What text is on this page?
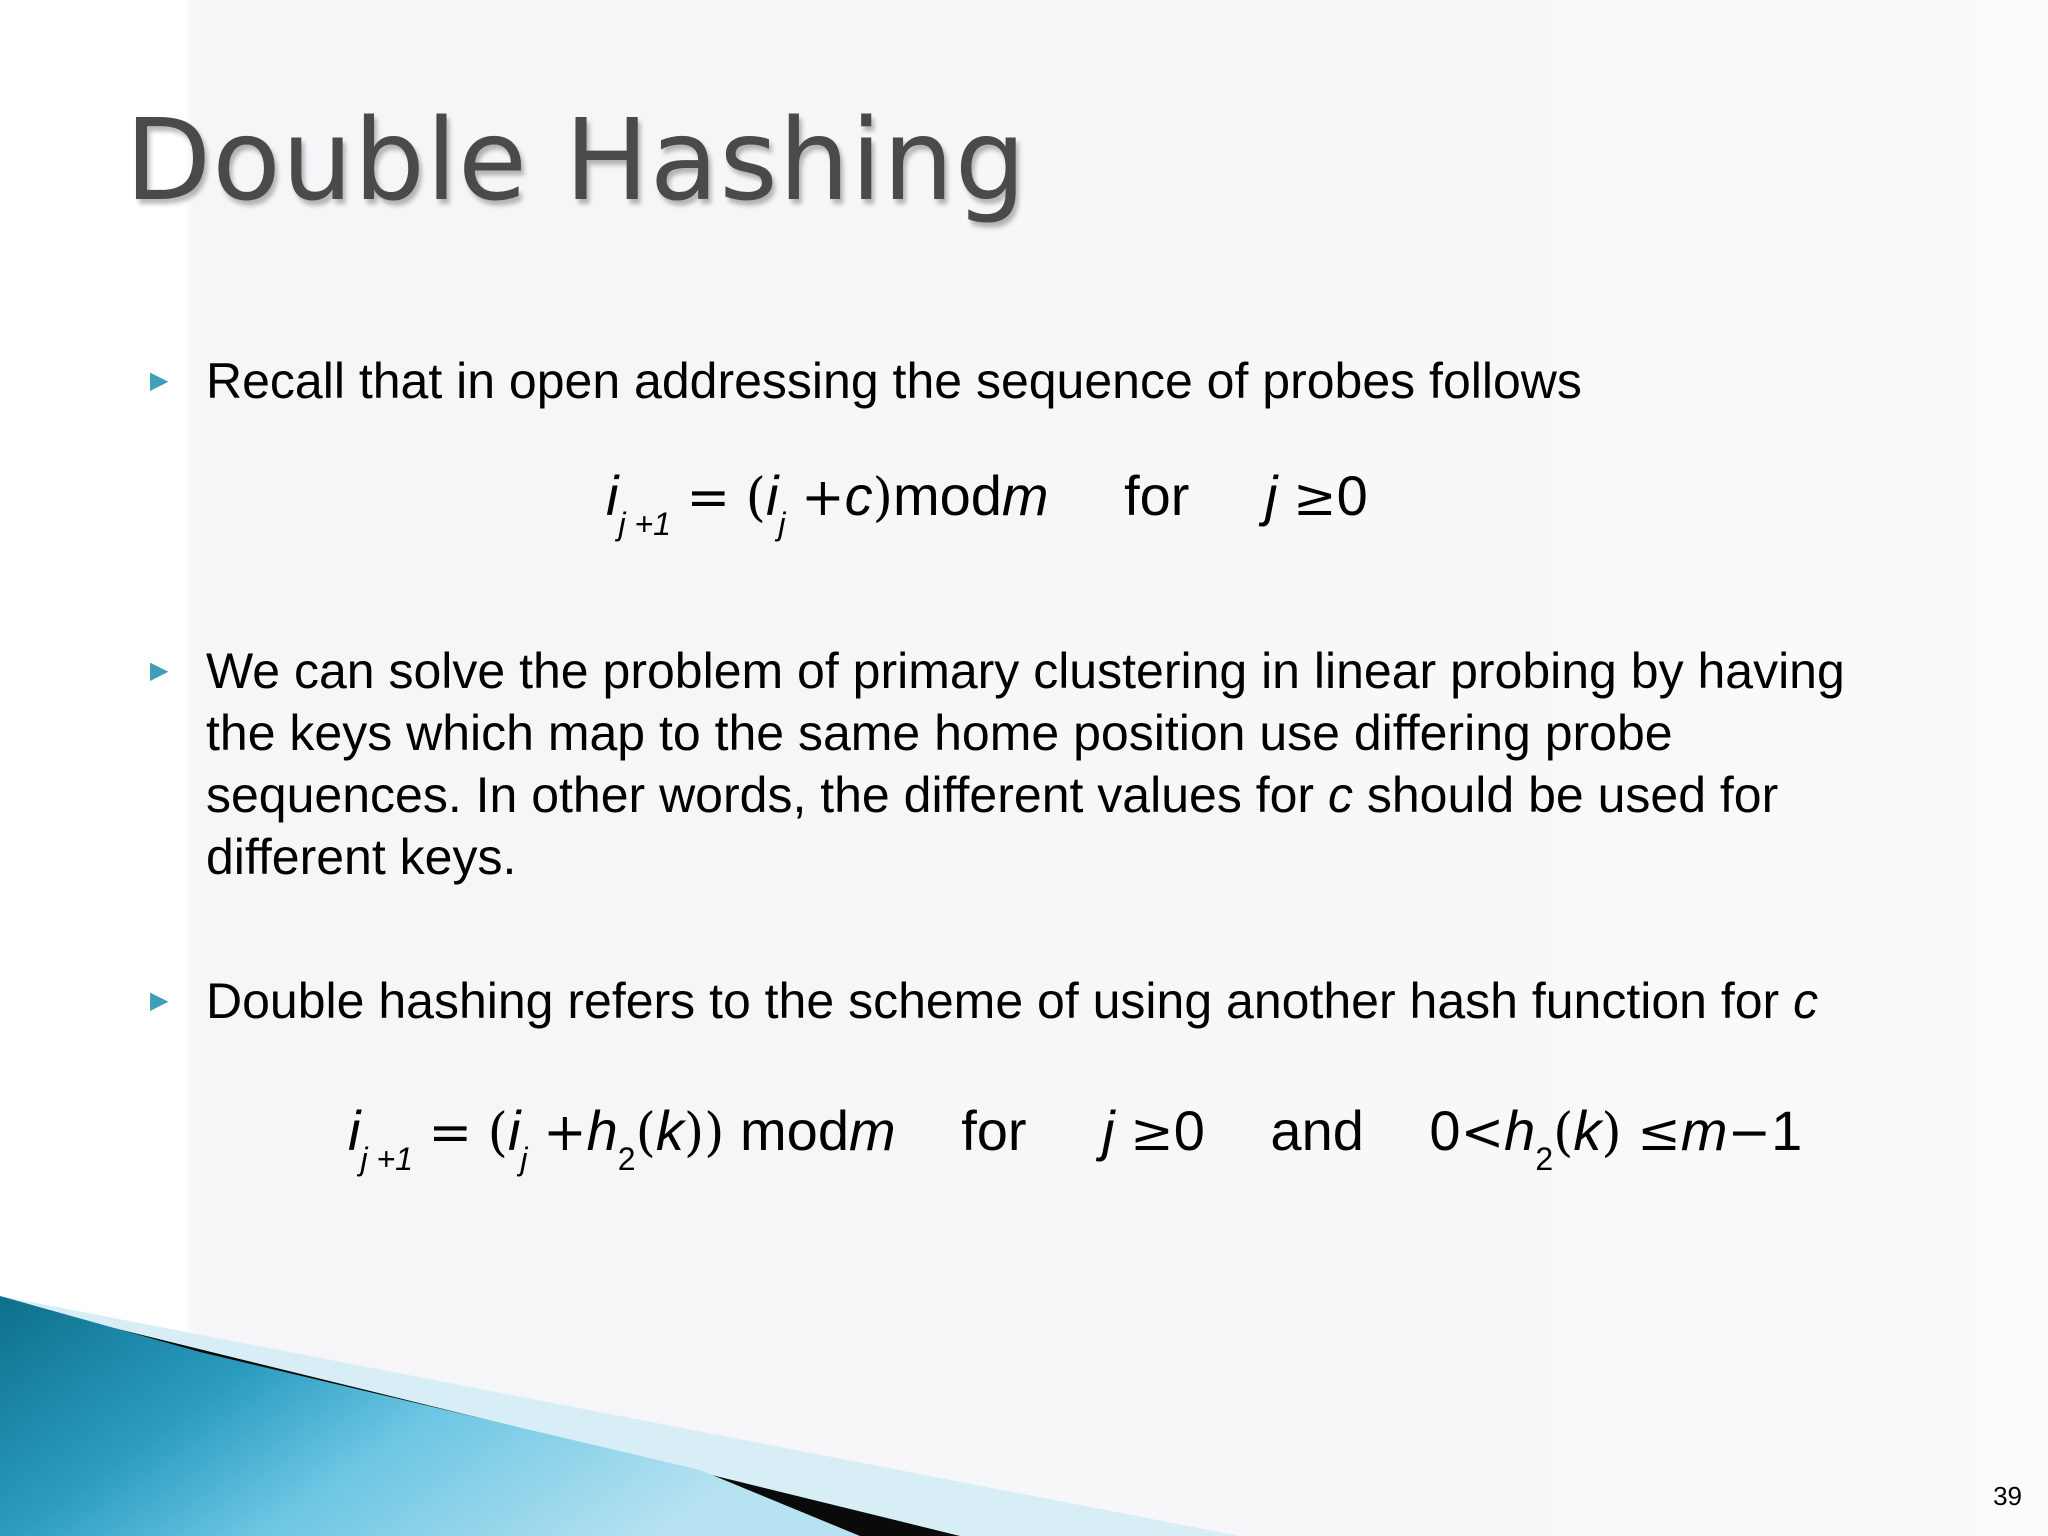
Double Hashing
▶ Recall that in open addressing the sequence of probes follows
$i_{j +1} = (i_j$ +c)modm for j ≥0
▶ We can solve the problem of primary clustering in linear probing by having the keys which map to the same home position use differing probe sequences. In other words, the different values for c should be used for different keys.
▶ Double hashing refers to the scheme of using another hash function for c
$i_{j +1} = (i_j +h_2(k))$ modm for j ≥0 and $0<h_2(k) \le m-1$
39
